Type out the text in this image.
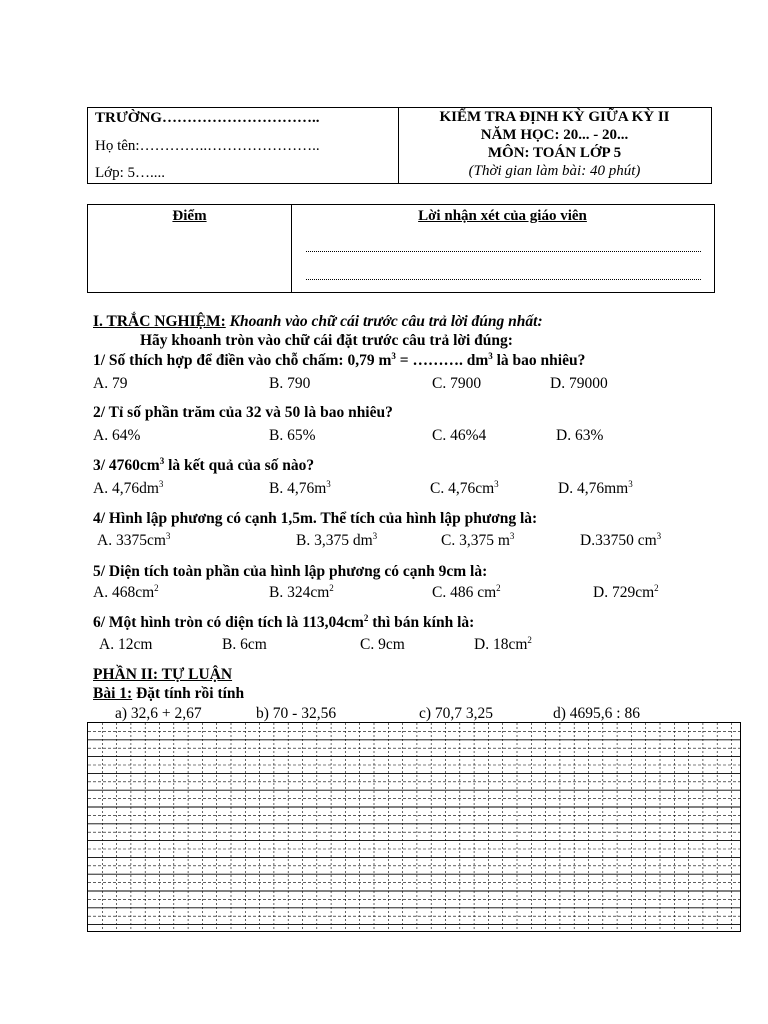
TRƯỜNG…………………………..
Họ tên:…………..…………………..
Lớp: 5…....
KIỂM TRA ĐỊNH KỲ GIỮA KỲ II
NĂM HỌC: 20... - 20...
MÔN: TOÁN LỚP 5
(Thời gian làm bài: 40 phút)
Điểm	Lời nhận xét của giáo viên
I. TRẮC NGHIỆM: Khoanh vào chữ cái trước câu trả lời đúng nhất:
Hãy khoanh tròn vào chữ cái đặt trước câu trả lời đúng:
1/ Số thích hợp để điền vào chỗ chấm: 0,79 $m^3$ = ………. $dm^3$ là bao nhiêu?
A. 79	B. 790	C. 7900	D. 79000
2/ Tỉ số phần trăm của 32 và 50 là bao nhiêu?
A. 64%	B. 65%	C. 46%4	D. 63%
3/ $4760cm^3$ là kết quả của số nào?
A. $4,76dm^3$	B. $4,76m^3$	C. $4,76cm^3$	D. $4,76mm^3$
4/ Hình lập phương có cạnh 1,5m. Thể tích của hình lập phương là:
A. $3375cm^3$	B. 3,375 $dm^3$	C. 3,375 $m^3$	D.33750 $cm^3$
5/ Diện tích toàn phần của hình lập phương có cạnh 9cm là:
A. $468cm^2$	B. $324cm^2$	C. 486 $cm^2$	D. $729cm^2$
6/ Một hình tròn có diện tích là $113,04cm^2$ thì bán kính là:
A. 12cm	B. 6cm	C. 9cm	D. $18cm^2$
PHẦN II: TỰ LUẬN
Bài 1: Đặt tính rồi tính
a) 32,6 + 2,67	b) 70 - 32,56	c) 70,7 3,25	d) 4695,6 : 86
